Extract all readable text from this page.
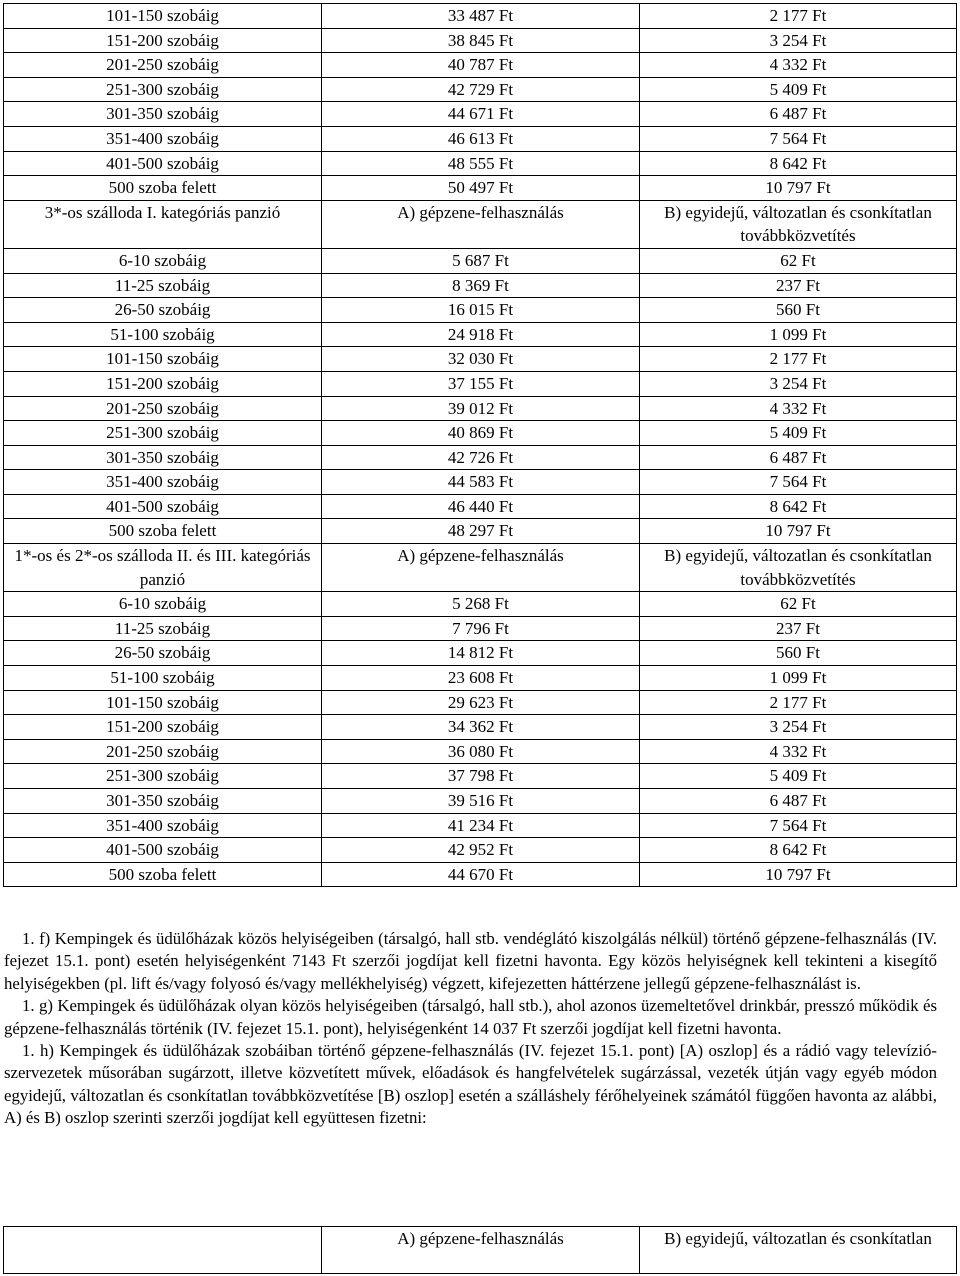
101-150 szobáig	33 487 Ft	2 177 Ft
151-200 szobáig	38 845 Ft	3 254 Ft
201-250 szobáig	40 787 Ft	4 332 Ft
251-300 szobáig	42 729 Ft	5 409 Ft
301-350 szobáig	44 671 Ft	6 487 Ft
351-400 szobáig	46 613 Ft	7 564 Ft
401-500 szobáig	48 555 Ft	8 642 Ft
500 szoba felett	50 497 Ft	10 797 Ft
3*-os szálloda I. kategóriás panzió	A) gépzene-felhasználás	B) egyidejű, változatlan és csonkítatlan továbbközvetítés
6-10 szobáig	5 687 Ft	62 Ft
11-25 szobáig	8 369 Ft	237 Ft
26-50 szobáig	16 015 Ft	560 Ft
51-100 szobáig	24 918 Ft	1 099 Ft
101-150 szobáig	32 030 Ft	2 177 Ft
151-200 szobáig	37 155 Ft	3 254 Ft
201-250 szobáig	39 012 Ft	4 332 Ft
251-300 szobáig	40 869 Ft	5 409 Ft
301-350 szobáig	42 726 Ft	6 487 Ft
351-400 szobáig	44 583 Ft	7 564 Ft
401-500 szobáig	46 440 Ft	8 642 Ft
500 szoba felett	48 297 Ft	10 797 Ft
1*-os és 2*-os szálloda II. és III. kategóriás panzió	A) gépzene-felhasználás	B) egyidejű, változatlan és csonkítatlan továbbközvetítés
6-10 szobáig	5 268 Ft	62 Ft
11-25 szobáig	7 796 Ft	237 Ft
26-50 szobáig	14 812 Ft	560 Ft
51-100 szobáig	23 608 Ft	1 099 Ft
101-150 szobáig	29 623 Ft	2 177 Ft
151-200 szobáig	34 362 Ft	3 254 Ft
201-250 szobáig	36 080 Ft	4 332 Ft
251-300 szobáig	37 798 Ft	5 409 Ft
301-350 szobáig	39 516 Ft	6 487 Ft
351-400 szobáig	41 234 Ft	7 564 Ft
401-500 szobáig	42 952 Ft	8 642 Ft
500 szoba felett	44 670 Ft	10 797 Ft

1. f) Kempingek és üdülőházak közös helyiségeiben (társalgó, hall stb. vendéglátó kiszolgálás nélkül) történő gépzene-felhasználás (IV. fejezet 15.1. pont) esetén helyiségenként 7143 Ft szerzői jogdíjat kell fizetni havonta. Egy közös helyiségnek kell tekinteni a kisegítő helyiségekben (pl. lift és/vagy folyosó és/vagy mellékhelyiség) végzett, kifejezetten háttérzene jellegű gépzene-felhasználást is.

1. g) Kempingek és üdülőházak olyan közös helyiségeiben (társalgó, hall stb.), ahol azonos üzemeltetővel drinkbár, presszó működik és gépzene-felhasználás történik (IV. fejezet 15.1. pont), helyiségenként 14 037 Ft szerzői jogdíjat kell fizetni havonta.

1. h) Kempingek és üdülőházak szobáiban történő gépzene-felhasználás (IV. fejezet 15.1. pont) [A) oszlop] és a rádió vagy televízió-szervezetek műsorában sugárzott, illetve közvetített művek, előadások és hangfelvételek sugárzással, vezeték útján vagy egyéb módon egyidejű, változatlan és csonkítatlan továbbközvetítése [B) oszlop] esetén a szálláshely férőhelyeinek számától függően havonta az alábbi, A) és B) oszlop szerinti szerzői jogdíjat kell együttesen fizetni:

	A) gépzene-felhasználás	B) egyidejű, változatlan és csonkítatlan
